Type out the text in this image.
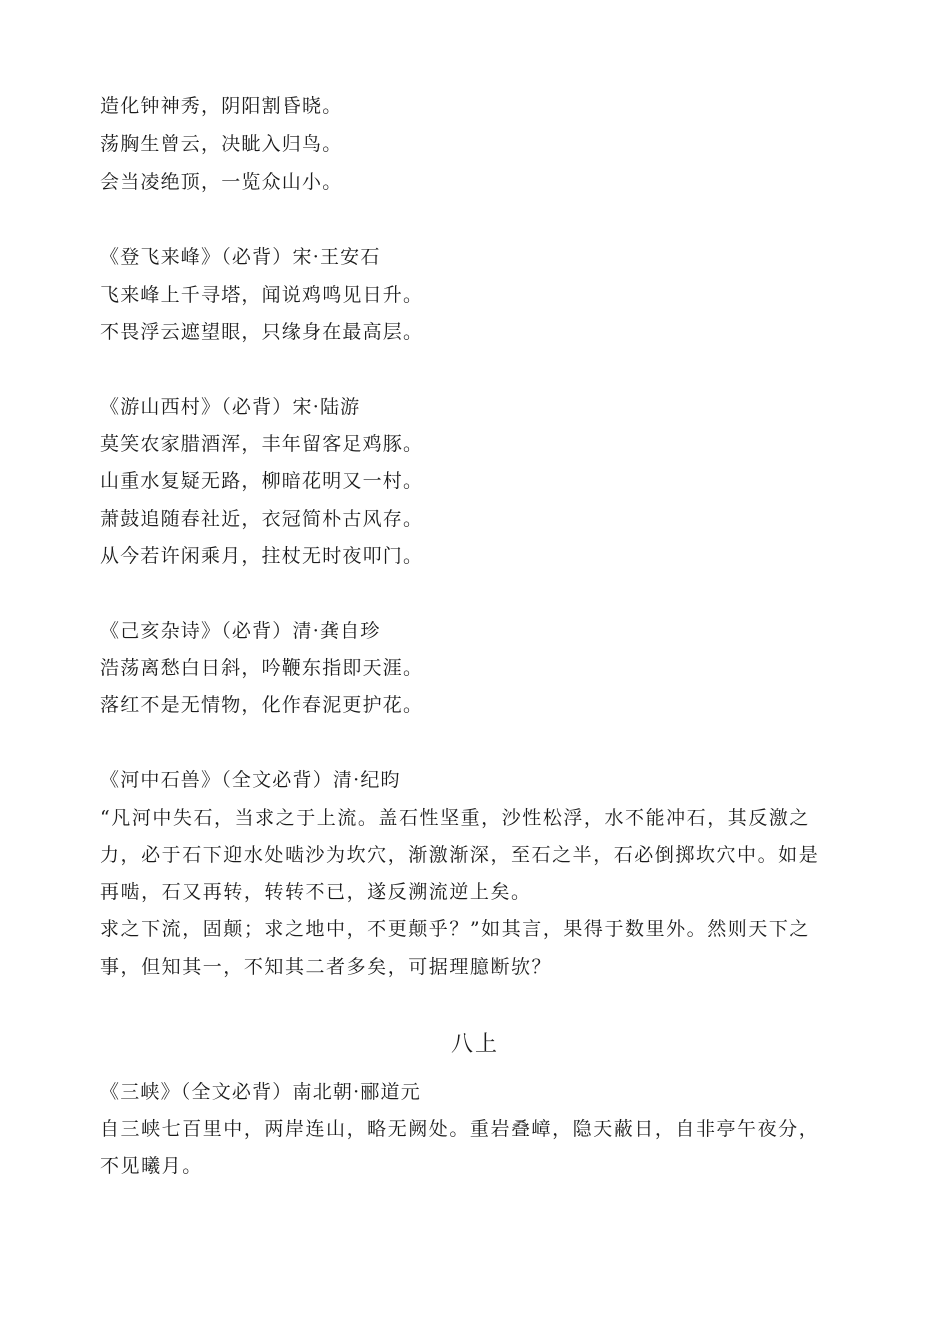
造化钟神秀，阴阳割昏晓。
荡胸生曾云，决眦入归鸟。
会当凌绝顶，一览众山小。
《登飞来峰》（必背）宋·王安石
飞来峰上千寻塔，闻说鸡鸣见日升。
不畏浮云遮望眼，只缘身在最高层。
《游山西村》（必背）宋·陆游
莫笑农家腊酒浑，丰年留客足鸡豚。
山重水复疑无路，柳暗花明又一村。
萧鼓追随春社近，衣冠简朴古风存。
从今若许闲乘月，拄杖无时夜叩门。
《己亥杂诗》（必背）清·龚自珍
浩荡离愁白日斜，吟鞭东指即天涯。
落红不是无情物，化作春泥更护花。
《河中石兽》（全文必背）清·纪昀
“凡河中失石，当求之于上流。盖石性坚重，沙性松浮，水不能冲石，其反激之
力，必于石下迎水处啮沙为坎穴，渐激渐深，至石之半，石必倒掷坎穴中。如是
再啮，石又再转，转转不已，遂反溯流逆上矣。
求之下流，固颠；求之地中，不更颠乎？”如其言，果得于数里外。然则天下之
事，但知其一，不知其二者多矣，可据理臆断欤？
八上
《三峡》（全文必背）南北朝·郦道元
自三峡七百里中，两岸连山，略无阙处。重岩叠嶂，隐天蔽日，自非亭午夜分，
不见曦月。
